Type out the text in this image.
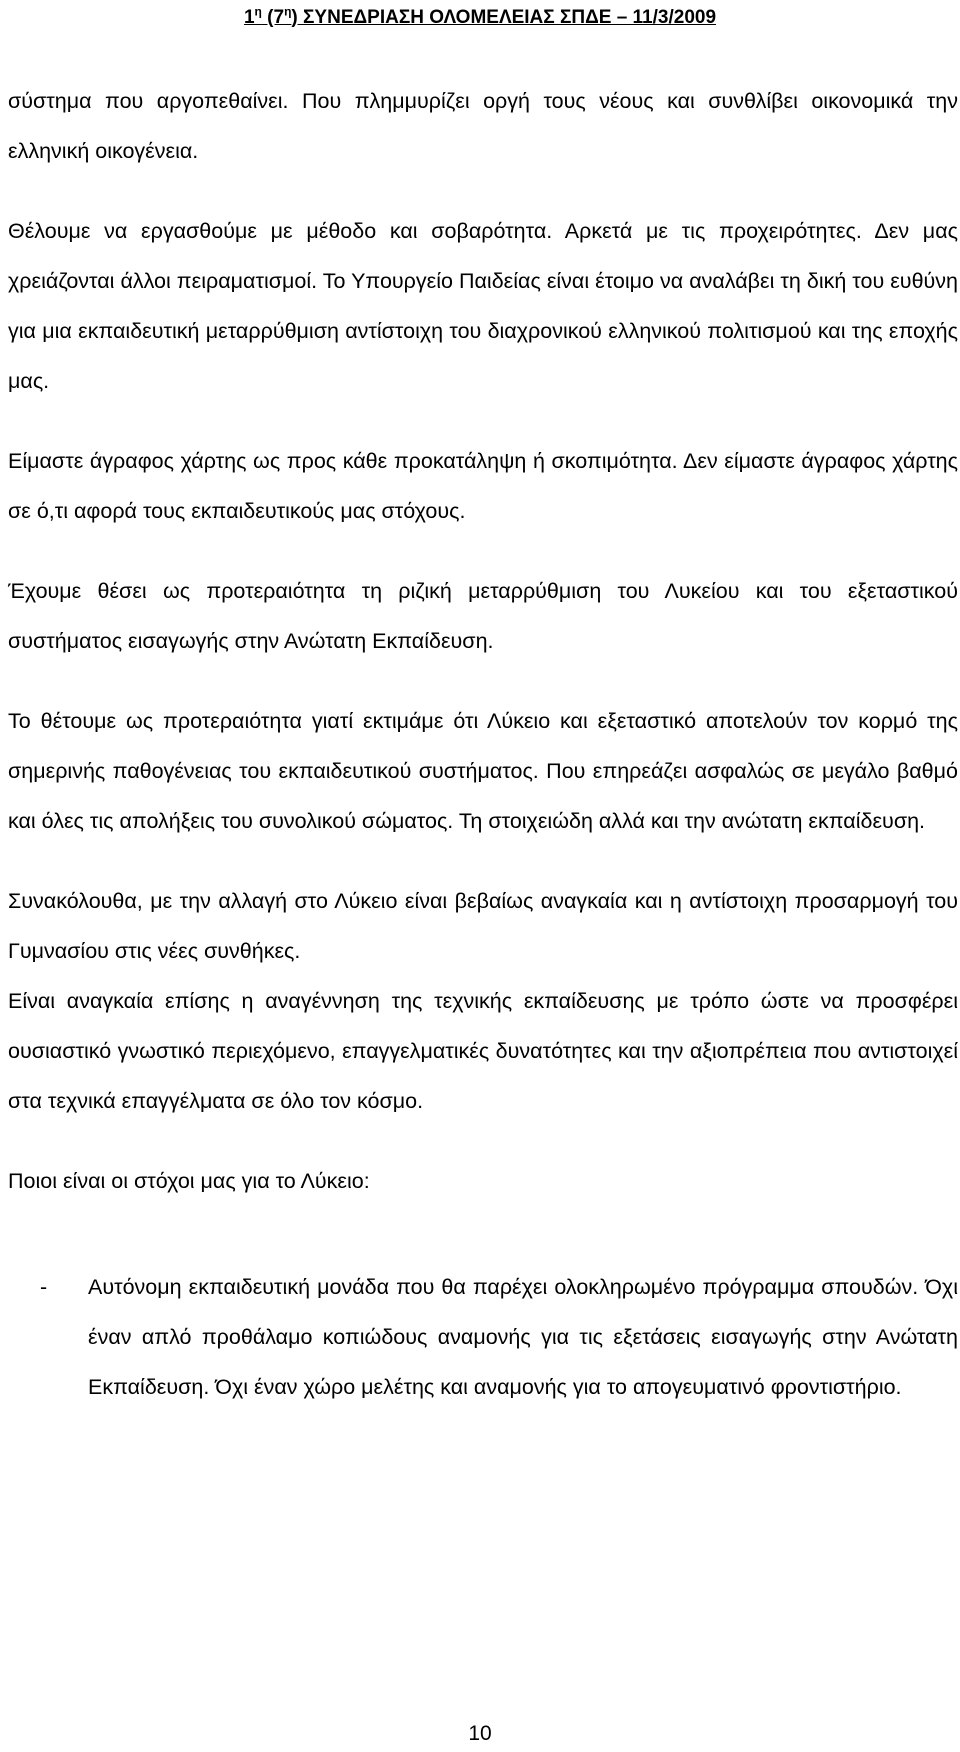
$1^\eta$ $(7^\eta)$ ΣΥΝΕΔΡΙΑΣΗ ΟΛΟΜΕΛΕΙΑΣ ΣΠΔΕ – 11/3/2009

σύστημα που αργοπεθαίνει. Που πλημμυρίζει οργή τους νέους και συνθλίβει οικονομικά την ελληνική οικογένεια.

Θέλουμε να εργασθούμε με μέθοδο και σοβαρότητα. Αρκετά με τις προχειρότητες. Δεν μας χρειάζονται άλλοι πειραματισμοί. Το Υπουργείο Παιδείας είναι έτοιμο να αναλάβει τη δική του ευθύνη για μια εκπαιδευτική μεταρρύθμιση αντίστοιχη του διαχρονικού ελληνικού πολιτισμού και της εποχής μας.

Είμαστε άγραφος χάρτης ως προς κάθε προκατάληψη ή σκοπιμότητα. Δεν είμαστε άγραφος χάρτης σε ό,τι αφορά τους εκπαιδευτικούς μας στόχους.

Έχουμε θέσει ως προτεραιότητα τη ριζική μεταρρύθμιση του Λυκείου και του εξεταστικού συστήματος εισαγωγής στην Ανώτατη Εκπαίδευση.

Το θέτουμε ως προτεραιότητα γιατί εκτιμάμε ότι Λύκειο και εξεταστικό αποτελούν τον κορμό της σημερινής παθογένειας του εκπαιδευτικού συστήματος. Που επηρεάζει ασφαλώς σε μεγάλο βαθμό και όλες τις απολήξεις του συνολικού σώματος. Τη στοιχειώδη αλλά και την ανώτατη εκπαίδευση.

Συνακόλουθα, με την αλλαγή στο Λύκειο είναι βεβαίως αναγκαία και η αντίστοιχη προσαρμογή του Γυμνασίου στις νέες συνθήκες.

Είναι αναγκαία επίσης η αναγέννηση της τεχνικής εκπαίδευσης με τρόπο ώστε να προσφέρει ουσιαστικό γνωστικό περιεχόμενο, επαγγελματικές δυνατότητες και την αξιοπρέπεια που αντιστοιχεί στα τεχνικά επαγγέλματα σε όλο τον κόσμο.

Ποιοι είναι οι στόχοι μας για το Λύκειο:

-	Αυτόνομη εκπαιδευτική μονάδα που θα παρέχει ολοκληρωμένο πρόγραμμα σπουδών. Όχι έναν απλό προθάλαμο κοπιώδους αναμονής για τις εξετάσεις εισαγωγής στην Ανώτατη Εκπαίδευση. Όχι έναν χώρο μελέτης και αναμονής για το απογευματινό φροντιστήριο.
10
